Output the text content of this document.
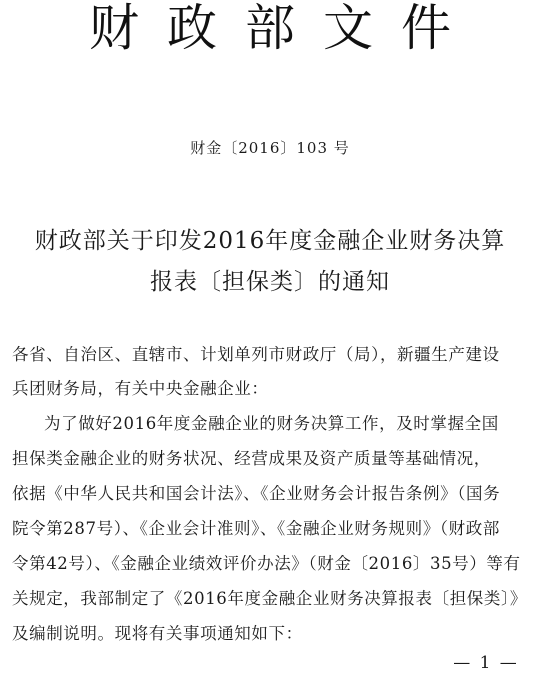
财政部文件
财金〔2016〕103 号
财政部关于印发2016年度金融企业财务决算
报表〔担保类〕的通知
各省、自治区、直辖市、计划单列市财政厅（局），新疆生产建设
兵团财务局，有关中央金融企业：
为了做好2016年度金融企业的财务决算工作，及时掌握全国
担保类金融企业的财务状况、经营成果及资产质量等基础情况，
依据《中华人民共和国会计法》、《企业财务会计报告条例》（国务
院令第287号）、《企业会计准则》、《金融企业财务规则》（财政部
令第42号）、《金融企业绩效评价办法》（财金〔2016〕35号）等有
关规定，我部制定了《2016年度金融企业财务决算报表〔担保类〕》
及编制说明。现将有关事项通知如下：
— 1 —
